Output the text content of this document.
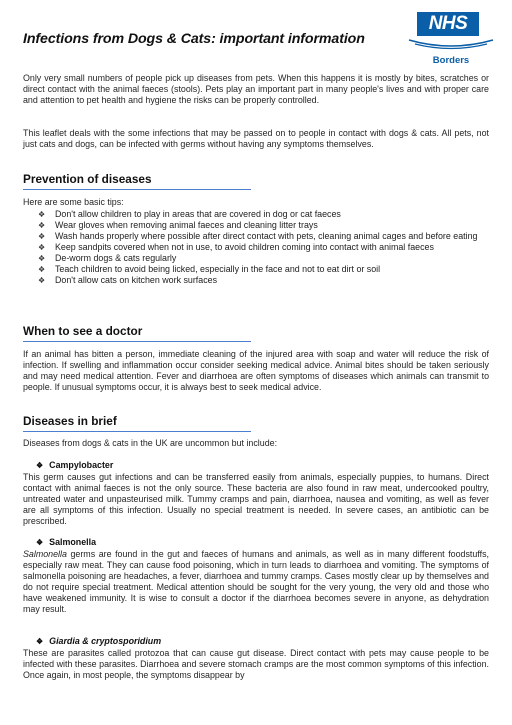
Infections from Dogs & Cats: important information
NHS
Borders

Only very small numbers of people pick up diseases from pets. When this happens it is mostly by bites, scratches or direct contact with the animal faeces (stools). Pets play an important part in many people's lives and with proper care and attention to pet health and hygiene the risks can be properly controlled.

This leaflet deals with the some infections that may be passed on to people in contact with dogs & cats. All pets, not just cats and dogs, can be infected with germs without having any symptoms themselves.

Prevention of diseases

Here are some basic tips:

❖ Don't allow children to play in areas that are covered in dog or cat faeces
❖ Wear gloves when removing animal faeces and cleaning litter trays
❖ Wash hands properly where possible after direct contact with pets, cleaning animal cages and before eating
❖ Keep sandpits covered when not in use, to avoid children coming into contact with animal faeces
❖ De-worm dogs & cats regularly
❖ Teach children to avoid being licked, especially in the face and not to eat dirt or soil
❖ Don't allow cats on kitchen work surfaces
When to see a doctor

If an animal has bitten a person, immediate cleaning of the injured area with soap and water will reduce the risk of infection. If swelling and inflammation occur consider seeking medical advice. Animal bites should be taken seriously and may need medical attention. Fever and diarrhoea are often symptoms of diseases which animals can transmit to people. If unusual symptoms occur, it is always best to seek medical advice.

Diseases in brief

Diseases from dogs & cats in the UK are uncommon but include:

❖ Campylobacter

This germ causes gut infections and can be transferred easily from animals, especially puppies, to humans. Direct contact with animal faeces is not the only source. These bacteria are also found in raw meat, undercooked poultry, untreated water and unpasteurised milk. Tummy cramps and pain, diarrhoea, nausea and vomiting, as well as fever are all symptoms of this infection. Usually no special treatment is needed. In severe cases, an antibiotic can be prescribed.

❖ Salmonella

Salmonella germs are found in the gut and faeces of humans and animals, as well as in many different foodstuffs, especially raw meat. They can cause food poisoning, which in turn leads to diarrhoea and vomiting. The symptoms of salmonella poisoning are headaches, a fever, diarrhoea and tummy cramps. Cases mostly clear up by themselves and do not require special treatment. Medical attention should be sought for the very young, the very old and those who have weakened immunity. It is wise to consult a doctor if the diarrhoea becomes severe in anyone, as dehydration may result.

❖ Giardia & cryptosporidium

These are parasites called protozoa that can cause gut disease. Direct contact with pets may cause people to be infected with these parasites. Diarrhoea and severe stomach cramps are the most common symptoms of this infection. Once again, in most people, the symptoms disappear by
